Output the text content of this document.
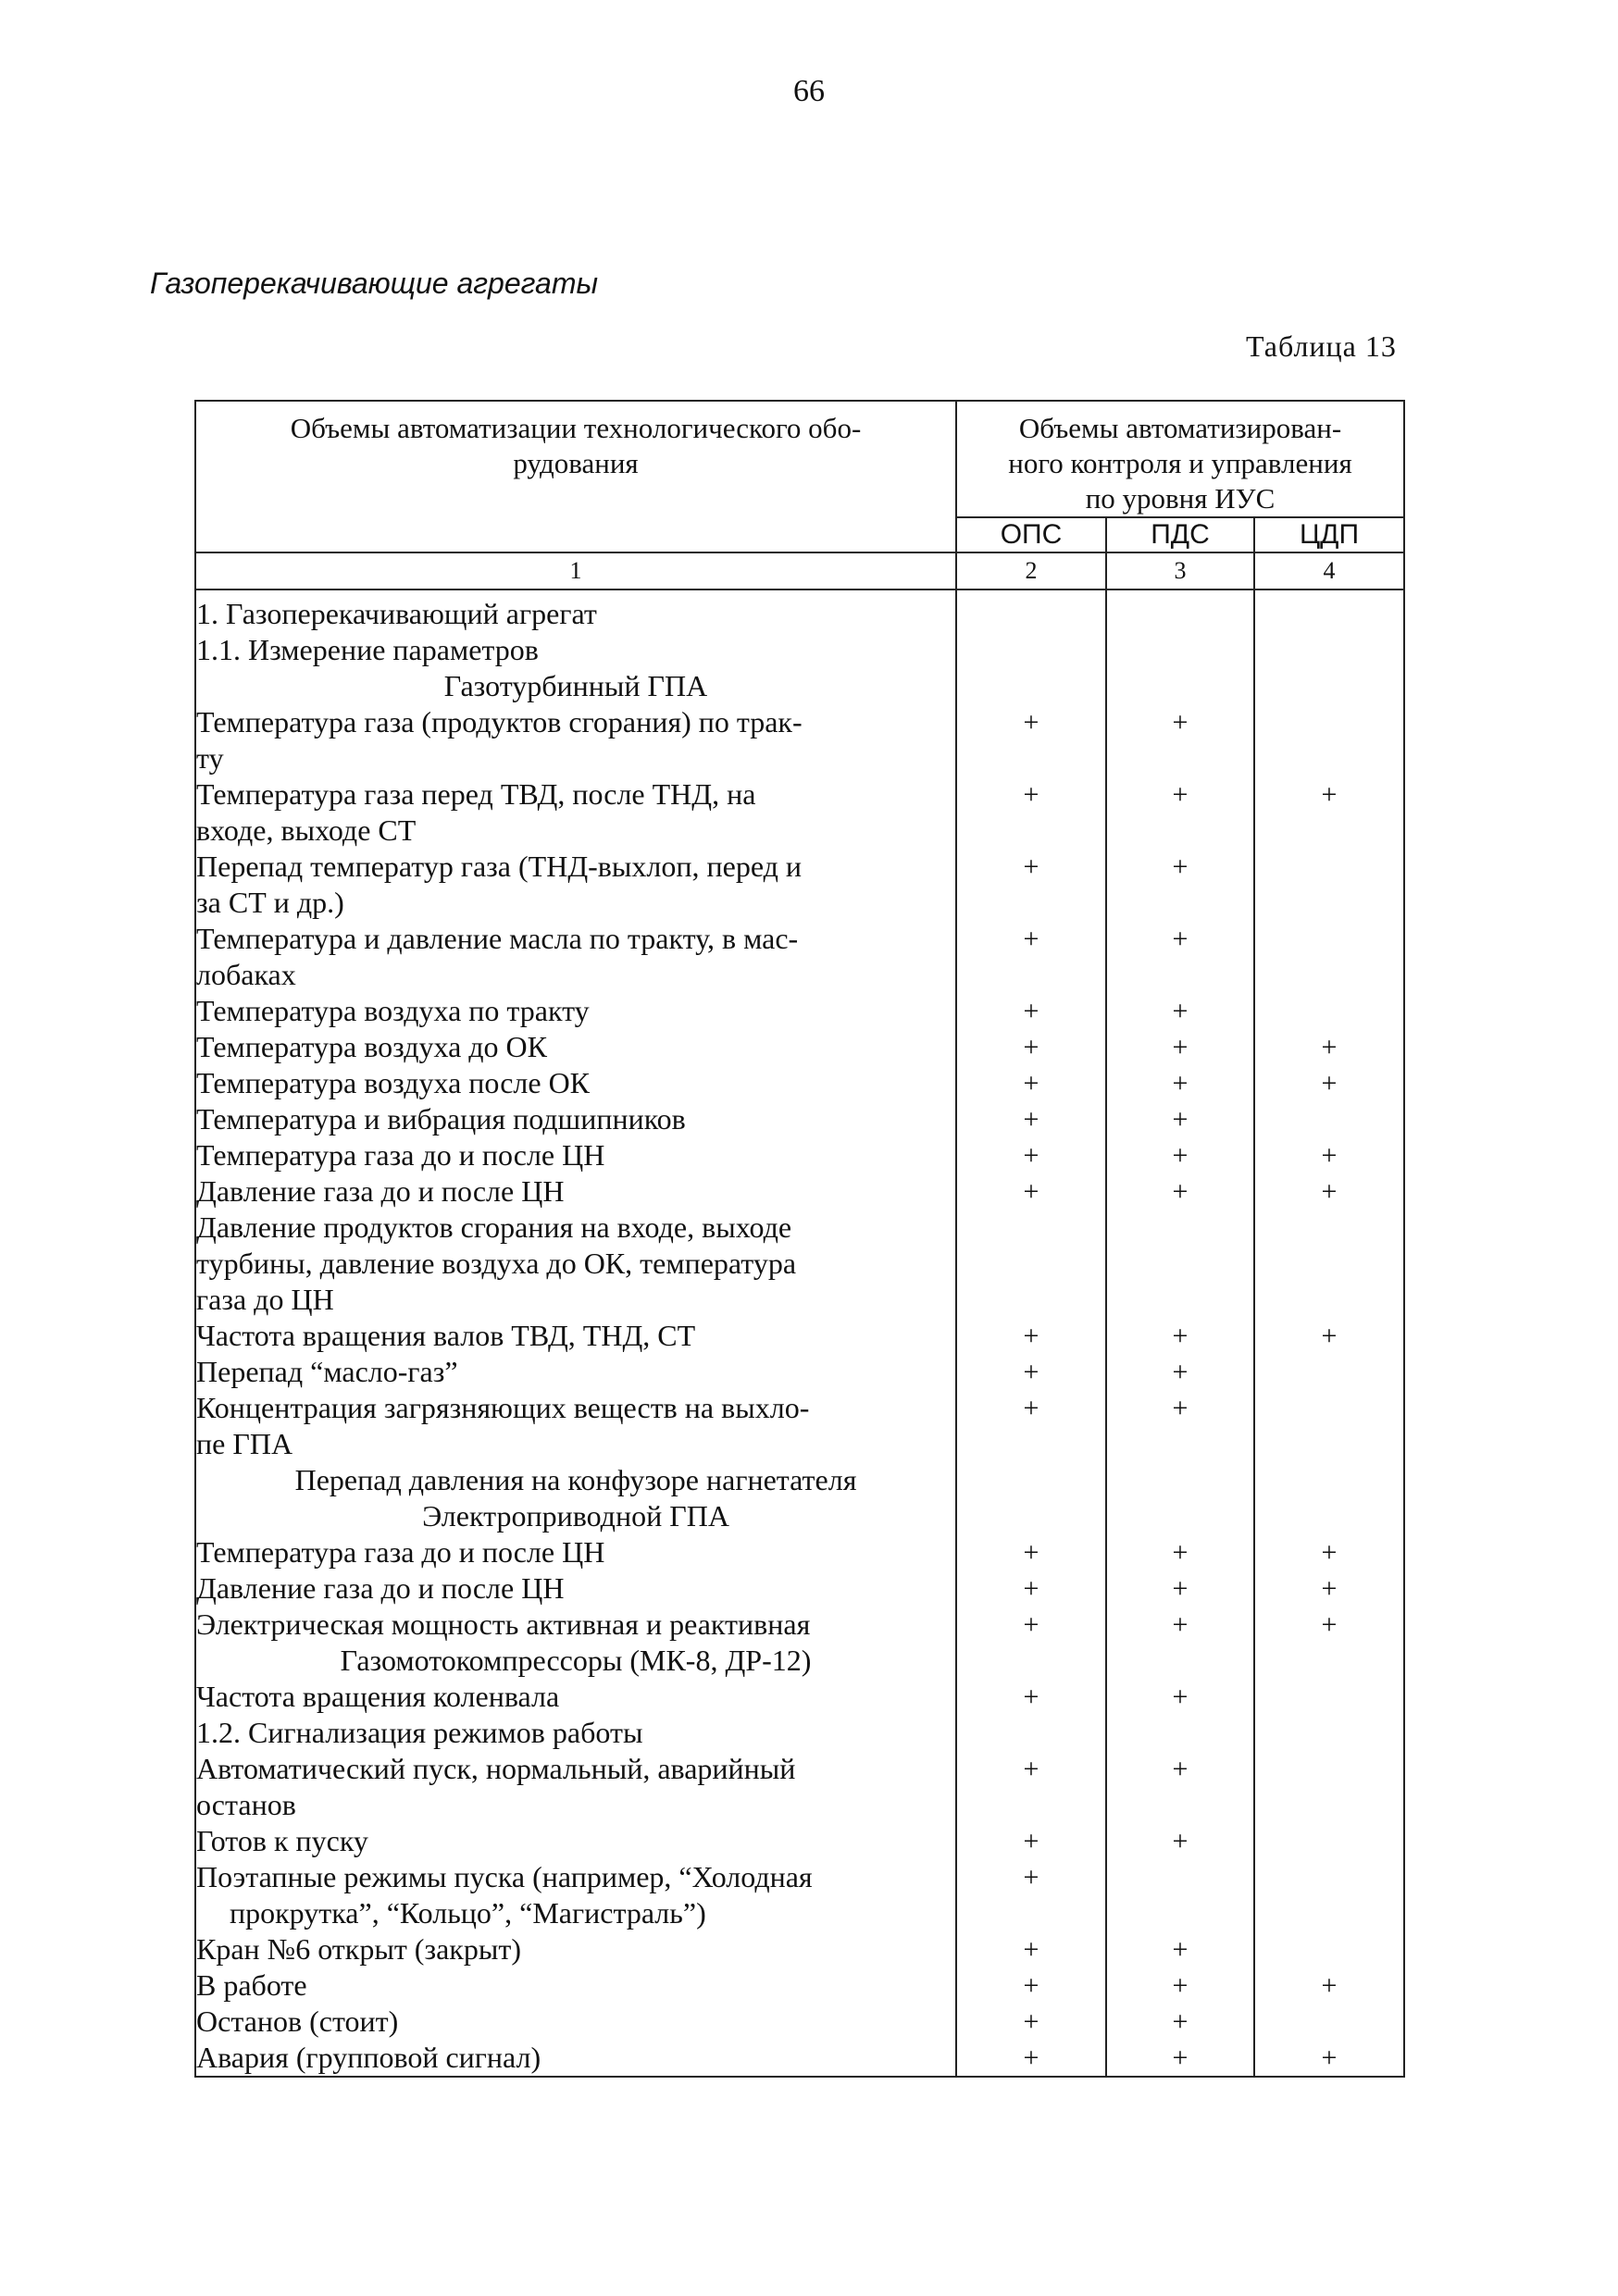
66
Газоперекачивающие агрегаты
Таблица 13
Объемы автоматизации технологического обо-
рудования	Объемы автоматизирован-
ного контроля и управления
по уровня ИУС		
	ОПС	ПДС	ЦДП
1	2	3	4
1. Газоперекачивающий агрегат			
1.1. Измерение параметров			
Газотурбинный ГПА			
Температура газа (продуктов сгорания) по трак-
ту	+	+	
Температура газа перед ТВД, после ТНД, на
входе, выходе СТ	+	+	+
Перепад температур газа (ТНД-выхлоп, перед и
за СТ и др.)	+	+	
Температура и давление масла по тракту, в мас-
лобаках	+	+	
Температура воздуха по тракту	+	+	
Температура воздуха до ОК	+	+	+
Температура воздуха после ОК	+	+	+
Температура и вибрация подшипников	+	+	
Температура газа до и после ЦН	+	+	+
Давление газа до и после ЦН	+	+	+
Давление продуктов сгорания на входе, выходе
турбины, давление воздуха до ОК, температура
газа до ЦН			
Частота вращения валов ТВД, ТНД, СТ	+	+	+
Перепад “масло-газ”	+	+	
Концентрация загрязняющих веществ на выхло-
пе ГПА	+	+	
Перепад давления на конфузоре нагнетателя			
Электроприводной ГПА			
Температура газа до и после ЦН	+	+	+
Давление газа до и после ЦН	+	+	+
Электрическая мощность активная и реактивная	+	+	+
Газомотокомпрессоры (МК-8, ДР-12)			
Частота вращения коленвала	+	+	
1.2. Сигнализация режимов работы			
Автоматический пуск, нормальный, аварийный
останов	+	+	
Готов к пуску	+	+	
Поэтапные режимы пуска (например, “Холодная
прокрутка”, “Кольцо”, “Магистраль”)	+		
Кран №6 открыт (закрыт)	+	+	
В работе	+	+	+
Останов (стоит)	+	+	
Авария (групповой сигнал)	+	+	+
